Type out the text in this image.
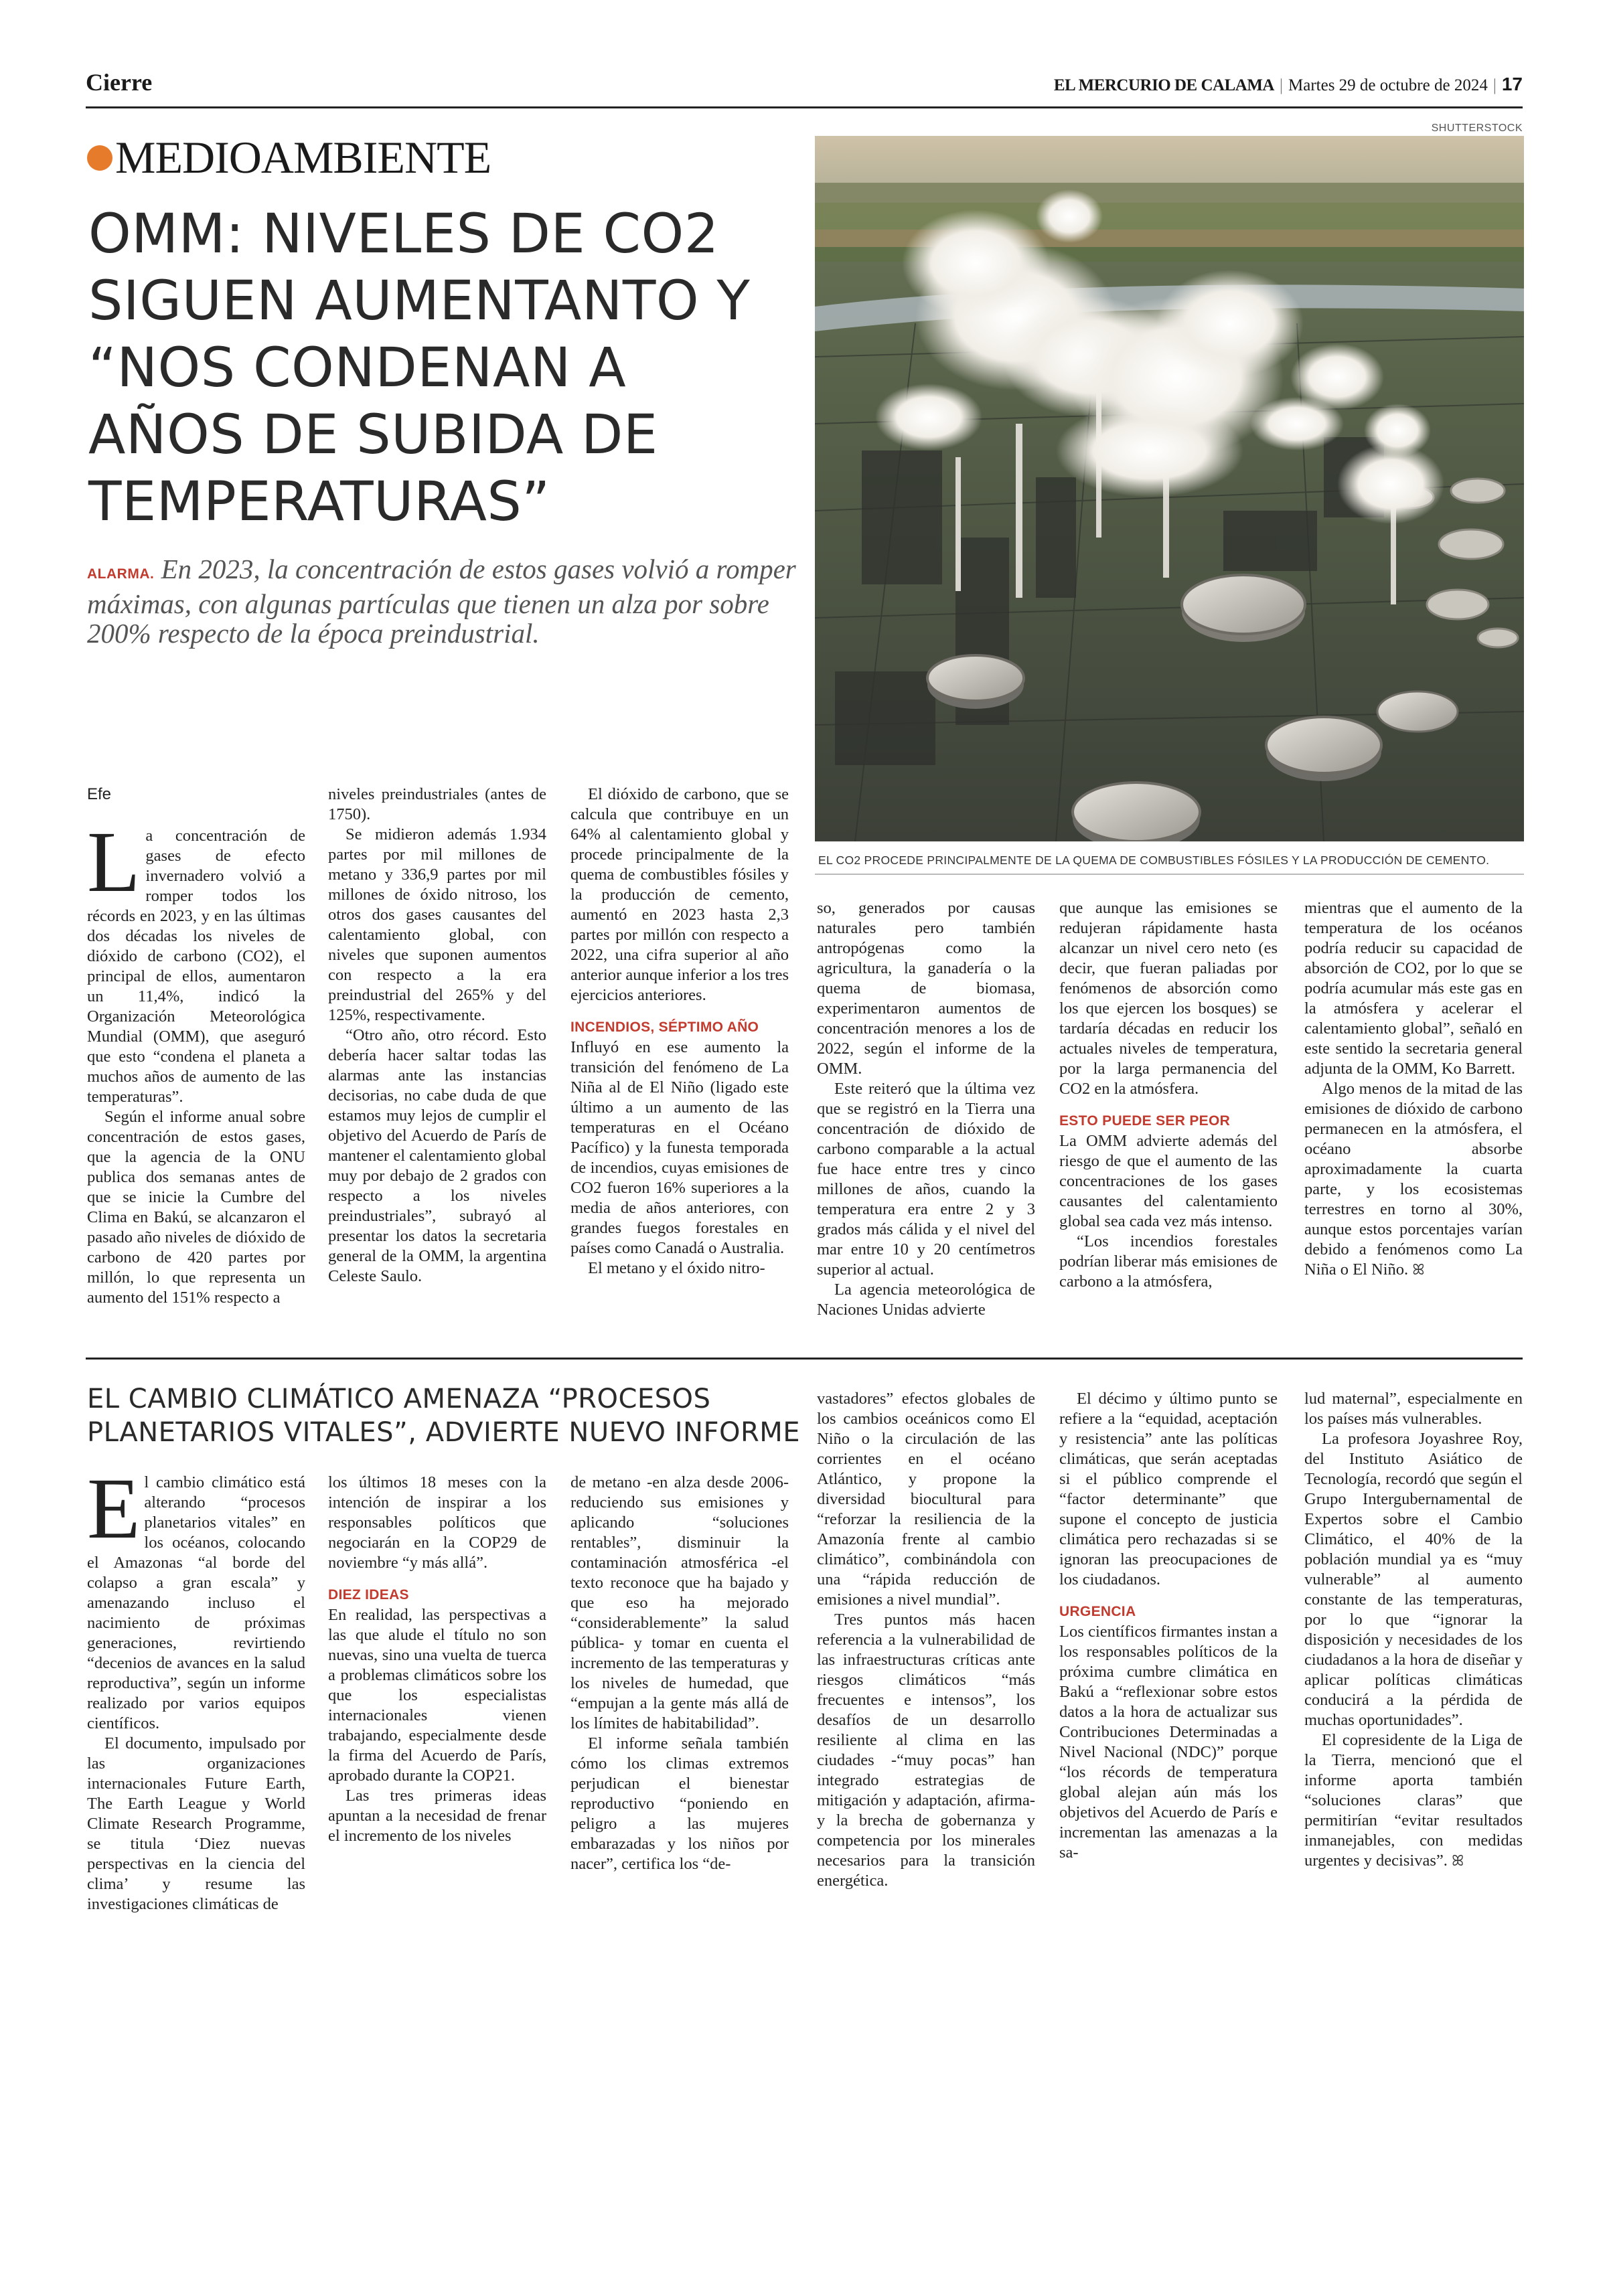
Cierre	EL MERCURIO DE CALAMA | Martes 29 de octubre de 2024 | 17
MEDIOAMBIENTE
OMM: NIVELES DE CO2 SIGUEN AUMENTANTO Y “NOS CONDENAN A AÑOS DE SUBIDA DE TEMPERATURAS”
ALARMA. En 2023, la concentración de estos gases volvió a romper máximas, con algunas partículas que tienen un alza por sobre 200% respecto de la época preindustrial.
SHUTTERSTOCK
EL CO2 PROCEDE PRINCIPALMENTE DE LA QUEMA DE COMBUSTIBLES FÓSILES Y LA PRODUCCIÓN DE CEMENTO.

Efe

La concentración de gases de efecto invernadero volvió a romper todos los récords en 2023, y en las últimas dos décadas los niveles de dióxido de carbono (CO2), el principal de ellos, aumentaron un 11,4%, indicó la Organización Meteorológica Mundial (OMM), que aseguró que esto “condena el planeta a muchos años de aumento de las temperaturas”.

Según el informe anual sobre concentración de estos gases, que la agencia de la ONU publica dos semanas antes de que se inicie la Cumbre del Clima en Bakú, se alcanzaron el pasado año niveles de dióxido de carbono de 420 partes por millón, lo que representa un aumento del 151% respecto a

niveles preindustriales (antes de 1750).

Se midieron además 1.934 partes por mil millones de metano y 336,9 partes por mil millones de óxido nitroso, los otros dos gases causantes del calentamiento global, con niveles que suponen aumentos con respecto a la era preindustrial del 265% y del 125%, respectivamente.

“Otro año, otro récord. Esto debería hacer saltar todas las alarmas ante las instancias decisorias, no cabe duda de que estamos muy lejos de cumplir el objetivo del Acuerdo de París de mantener el calentamiento global muy por debajo de 2 grados con respecto a los niveles preindustriales”, subrayó al presentar los datos la secretaria general de la OMM, la argentina Celeste Saulo.

El dióxido de carbono, que se calcula que contribuye en un 64% al calentamiento global y procede principalmente de la quema de combustibles fósiles y la producción de cemento, aumentó en 2023 hasta 2,3 partes por millón con respecto a 2022, una cifra superior al año anterior aunque inferior a los tres ejercicios anteriores.

INCENDIOS, SÉPTIMO AÑO

Influyó en ese aumento la transición del fenómeno de La Niña al de El Niño (ligado este último a un aumento de las temperaturas en el Océano Pacífico) y la funesta temporada de incendios, cuyas emisiones de CO2 fueron 16% superiores a la media de años anteriores, con grandes fuegos forestales en países como Canadá o Australia.

El metano y el óxido nitro-

so, generados por causas naturales pero también antropógenas como la agricultura, la ganadería o la quema de biomasa, experimentaron aumentos de concentración menores a los de 2022, según el informe de la OMM.

Este reiteró que la última vez que se registró en la Tierra una concentración de dióxido de carbono comparable a la actual fue hace entre tres y cinco millones de años, cuando la temperatura era entre 2 y 3 grados más cálida y el nivel del mar entre 10 y 20 centímetros superior al actual.

La agencia meteorológica de Naciones Unidas advierte

que aunque las emisiones se redujeran rápidamente hasta alcanzar un nivel cero neto (es decir, que fueran paliadas por fenómenos de absorción como los que ejercen los bosques) se tardaría décadas en reducir los actuales niveles de temperatura, por la larga permanencia del CO2 en la atmósfera.

ESTO PUEDE SER PEOR

La OMM advierte además del riesgo de que el aumento de las concentraciones de los gases causantes del calentamiento global sea cada vez más intenso.

“Los incendios forestales podrían liberar más emisiones de carbono a la atmósfera,

mientras que el aumento de la temperatura de los océanos podría reducir su capacidad de absorción de CO2, por lo que se podría acumular más este gas en la atmósfera y acelerar el calentamiento global”, señaló en este sentido la secretaria general adjunta de la OMM, Ko Barrett.

Algo menos de la mitad de las emisiones de dióxido de carbono permanecen en la atmósfera, el océano absorbe aproximadamente la cuarta parte, y los ecosistemas terrestres en torno al 30%, aunque estos porcentajes varían debido a fenómenos como La Niña o El Niño. ꕤ

EL CAMBIO CLIMÁTICO AMENAZA “PROCESOS PLANETARIOS VITALES”, ADVIERTE NUEVO INFORME

El cambio climático está alterando “procesos planetarios vitales” en los océanos, colocando el Amazonas “al borde del colapso a gran escala” y amenazando incluso el nacimiento de próximas generaciones, revirtiendo “decenios de avances en la salud reproductiva”, según un informe realizado por varios equipos científicos.

El documento, impulsado por las organizaciones internacionales Future Earth, The Earth League y World Climate Research Programme, se titula ‘Diez nuevas perspectivas en la ciencia del clima’ y resume las investigaciones climáticas de

los últimos 18 meses con la intención de inspirar a los responsables políticos que negociarán en la COP29 de noviembre “y más allá”.

DIEZ IDEAS

En realidad, las perspectivas a las que alude el título no son nuevas, sino una vuelta de tuerca a problemas climáticos sobre los que los especialistas internacionales vienen trabajando, especialmente desde la firma del Acuerdo de París, aprobado durante la COP21.

Las tres primeras ideas apuntan a la necesidad de frenar el incremento de los niveles

de metano -en alza desde 2006- reduciendo sus emisiones y aplicando “soluciones rentables”, disminuir la contaminación atmosférica -el texto reconoce que ha bajado y que eso ha mejorado “considerablemente” la salud pública- y tomar en cuenta el incremento de las temperaturas y los niveles de humedad, que “empujan a la gente más allá de los límites de habitabilidad”.

El informe señala también cómo los climas extremos perjudican el bienestar reproductivo “poniendo en peligro a las mujeres embarazadas y los niños por nacer”, certifica los “de-

vastadores” efectos globales de los cambios oceánicos como El Niño o la circulación de las corrientes en el océano Atlántico, y propone la diversidad biocultural para “reforzar la resiliencia de la Amazonía frente al cambio climático”, combinándola con una “rápida reducción de emisiones a nivel mundial”.

Tres puntos más hacen referencia a la vulnerabilidad de las infraestructuras críticas ante riesgos climáticos “más frecuentes e intensos”, los desafíos de un desarrollo resiliente al clima en las ciudades -“muy pocas” han integrado estrategias de mitigación y adaptación, afirma- y la brecha de gobernanza y competencia por los minerales necesarios para la transición energética.

El décimo y último punto se refiere a la “equidad, aceptación y resistencia” ante las políticas climáticas, que serán aceptadas si el público comprende el “factor determinante” que supone el concepto de justicia climática pero rechazadas si se ignoran las preocupaciones de los ciudadanos.

URGENCIA

Los científicos firmantes instan a los responsables políticos de la próxima cumbre climática en Bakú a “reflexionar sobre estos datos a la hora de actualizar sus Contribuciones Determinadas a Nivel Nacional (NDC)” porque “los récords de temperatura global alejan aún más los objetivos del Acuerdo de París e incrementan las amenazas a la sa-

lud maternal”, especialmente en los países más vulnerables.

La profesora Joyashree Roy, del Instituto Asiático de Tecnología, recordó que según el Grupo Intergubernamental de Expertos sobre el Cambio Climático, el 40% de la población mundial ya es “muy vulnerable” al aumento constante de las temperaturas, por lo que “ignorar la disposición y necesidades de los ciudadanos a la hora de diseñar y aplicar políticas climáticas conducirá a la pérdida de muchas oportunidades”.

El copresidente de la Liga de la Tierra, mencionó que el informe aporta también “soluciones claras” que permitirían “evitar resultados inmanejables, con medidas urgentes y decisivas”. ꕤ
